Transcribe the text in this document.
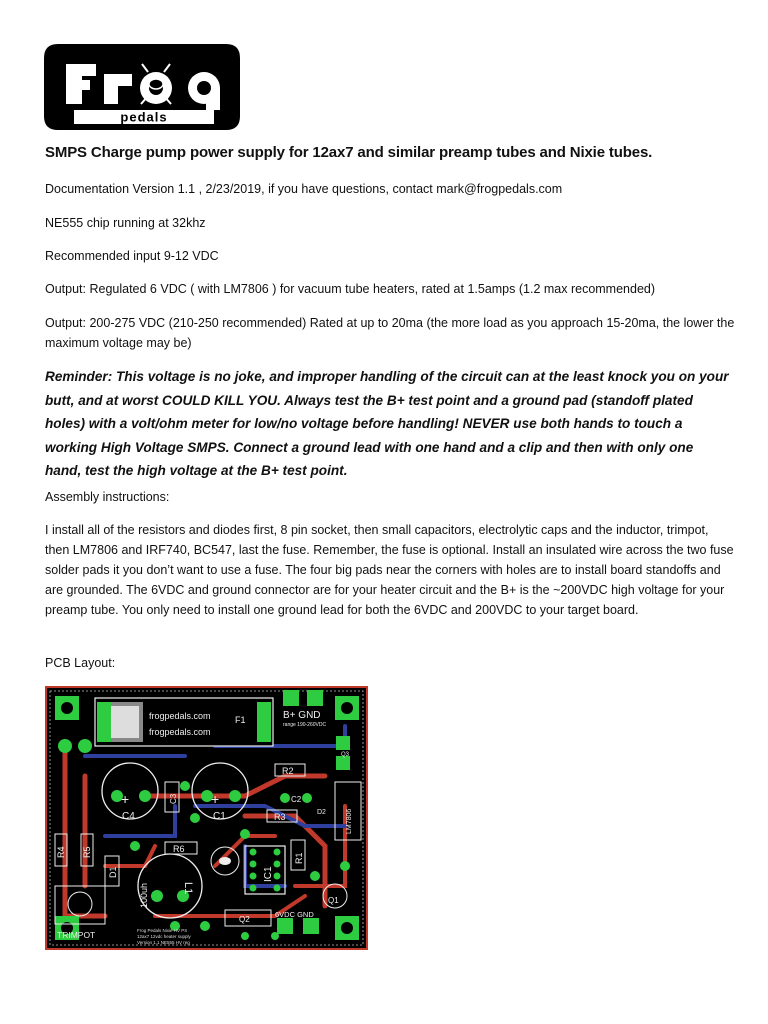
pedals
SMPS Charge pump power supply for 12ax7 and similar preamp tubes and Nixie tubes.
Documentation Version 1.1 , 2/23/2019, if you have questions, contact mark@frogpedals.com
NE555 chip running at 32khz
Recommended input 9-12 VDC
Output: Regulated 6 VDC ( with LM7806 ) for vacuum tube heaters, rated at 1.5amps (1.2 max recommended)
Output: 200-275 VDC (210-250 recommended) Rated at up to 20ma (the more load as you approach 15-20ma, the lower the maximum voltage may be)
Reminder: This voltage is no joke, and improper handling of the circuit can at the least knock you on your butt, and at worst COULD KILL YOU. Always test the B+ test point and a ground pad (standoff plated holes) with a volt/ohm meter for low/no voltage before handling! NEVER use both hands to touch a working High Voltage SMPS. Connect a ground lead with one hand and a clip and then with only one hand, test the high voltage at the B+ test point.
Assembly instructions:
I install all of the resistors and diodes first, 8 pin socket, then small capacitors, electrolytic caps and the inductor, trimpot, then LM7806 and IRF740, BC547, last the fuse. Remember, the fuse is optional. Install an insulated wire across the two fuse solder pads it you don’t want to use a fuse. The four big pads near the corners with holes are to install board standoffs and are grounded. The 6VDC and ground connector are for your heater circuit and the B+ is the ~200VDC high voltage for your preamp tube. You only need to install one ground lead for both the 6VDC and 200VDC to your target board.
PCB Layout:
frogpedals.com
frogpedals.com
F1	B+ GND
range 190-260VDC
+	+
C4	C1
R2
R3
R6
R4 R5
R1
C3	C2
D1
D2
L1
100uh
IC1
LM7806
Q1
Q2
Q3
TRIMPOT
6VDC GND
Frog Pedals Nixie HV PS
12ax7 12vdc heater supply
Version 1.1 NE555 HV reg
